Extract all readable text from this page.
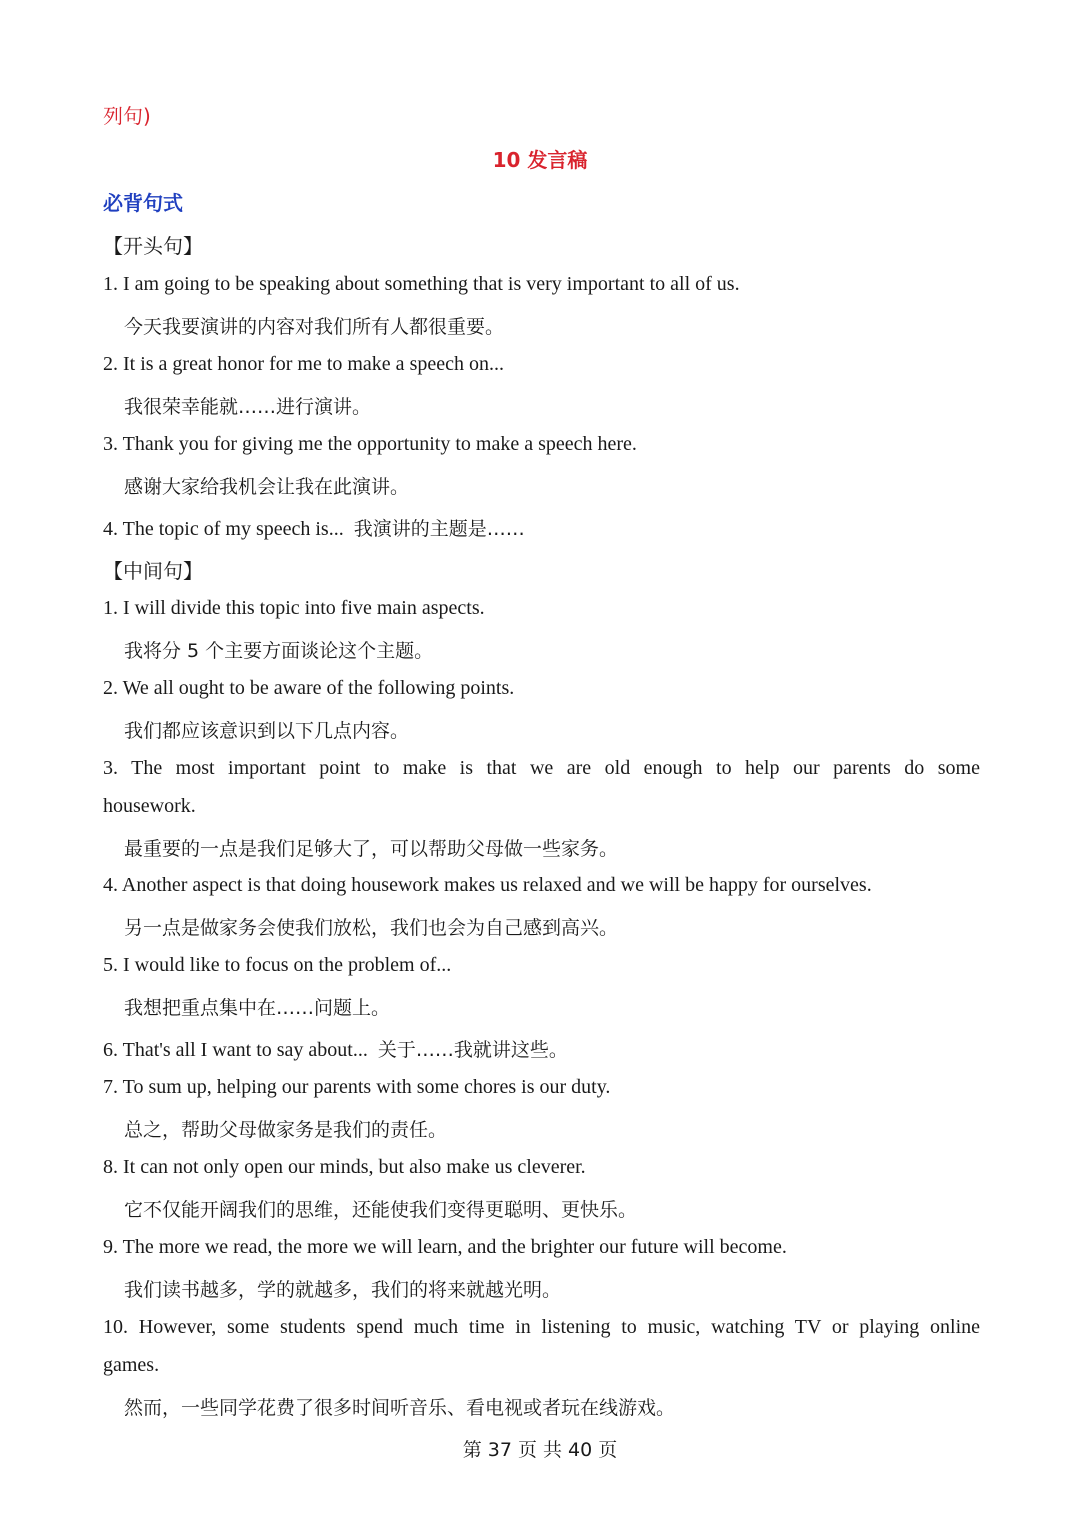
列句)
10 发言稿
必背句式
【开头句】
1. I am going to be speaking about something that is very important to all of us.
今天我要演讲的内容对我们所有人都很重要。
2. It is a great honor for me to make a speech on...
我很荣幸能就……进行演讲。
3. Thank you for giving me the opportunity to make a speech here.
感谢大家给我机会让我在此演讲。
4. The topic of my speech is... 我演讲的主题是……
【中间句】
1. I will divide this topic into five main aspects.
我将分 5 个主要方面谈论这个主题。
2. We all ought to be aware of the following points.
我们都应该意识到以下几点内容。
3. The most important point to make is that we are old enough to help our parents do some
housework.
最重要的一点是我们足够大了，可以帮助父母做一些家务。
4. Another aspect is that doing housework makes us relaxed and we will be happy for ourselves.
另一点是做家务会使我们放松，我们也会为自己感到高兴。
5. I would like to focus on the problem of...
我想把重点集中在……问题上。
6. That's all I want to say about... 关于……我就讲这些。
7. To sum up, helping our parents with some chores is our duty.
总之，帮助父母做家务是我们的责任。
8. It can not only open our minds, but also make us cleverer.
它不仅能开阔我们的思维，还能使我们变得更聪明、更快乐。
9. The more we read, the more we will learn, and the brighter our future will become.
我们读书越多，学的就越多，我们的将来就越光明。
10. However, some students spend much time in listening to music, watching TV or playing online
games.
然而，一些同学花费了很多时间听音乐、看电视或者玩在线游戏。
第 37 页 共 40 页
